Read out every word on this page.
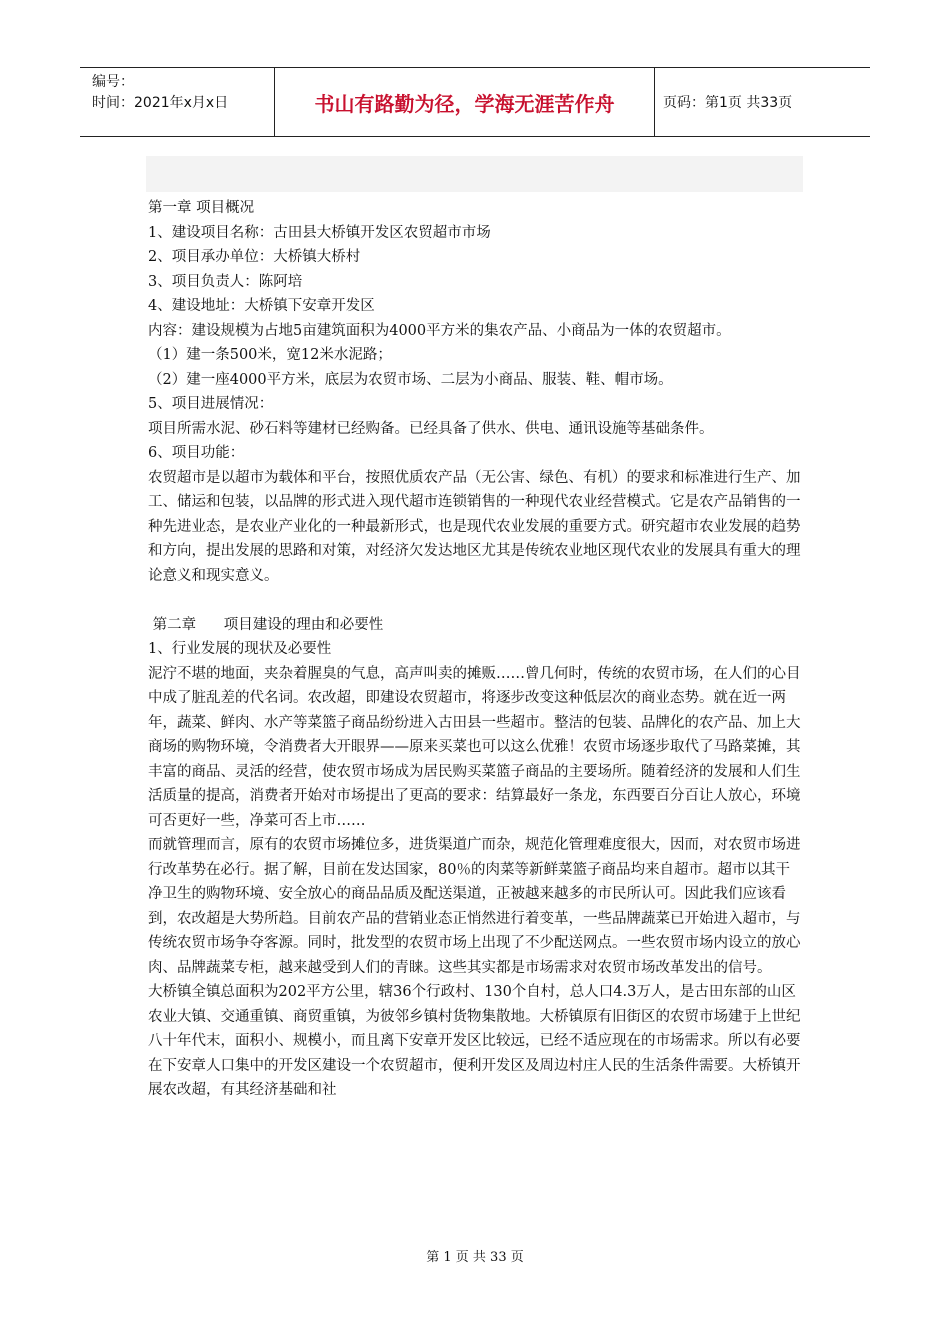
编号：
时间：2021年x月x日	书山有路勤为径，学海无涯苦作舟	页码：第1页 共33页

第一章 项目概况

1、建设项目名称：古田县大桥镇开发区农贸超市市场

2、项目承办单位：大桥镇大桥村

3、项目负责人：陈阿培

4、建设地址：大桥镇下安章开发区

内容：建设规模为占地5亩建筑面积为4000平方米的集农产品、小商品为一体的农贸超市。

（1）建一条500米，宽12米水泥路；

（2）建一座4000平方米，底层为农贸市场、二层为小商品、服装、鞋、帽市场。

5、项目进展情况：

项目所需水泥、砂石料等建材已经购备。已经具备了供水、供电、通讯设施等基础条件。

6、项目功能：

农贸超市是以超市为载体和平台，按照优质农产品（无公害、绿色、有机）的要求和标准进行生产、加工、储运和包装，以品牌的形式进入现代超市连锁销售的一种现代农业经营模式。它是农产品销售的一种先进业态，是农业产业化的一种最新形式，也是现代农业发展的重要方式。研究超市农业发展的趋势和方向，提出发展的思路和对策，对经济欠发达地区尤其是传统农业地区现代农业的发展具有重大的理论意义和现实意义。

第二章      项目建设的理由和必要性

1、行业发展的现状及必要性

泥泞不堪的地面，夹杂着腥臭的气息，高声叫卖的摊贩……曾几何时，传统的农贸市场，在人们的心目中成了脏乱差的代名词。农改超，即建设农贸超市，将逐步改变这种低层次的商业态势。就在近一两年，蔬菜、鲜肉、水产等菜篮子商品纷纷进入古田县一些超市。整洁的包装、品牌化的农产品、加上大商场的购物环境，令消费者大开眼界——原来买菜也可以这么优雅！农贸市场逐步取代了马路菜摊，其丰富的商品、灵活的经营，使农贸市场成为居民购买菜篮子商品的主要场所。随着经济的发展和人们生活质量的提高，消费者开始对市场提出了更高的要求：结算最好一条龙，东西要百分百让人放心，环境可否更好一些，净菜可否上市……

而就管理而言，原有的农贸市场摊位多，进货渠道广而杂，规范化管理难度很大，因而，对农贸市场进行改革势在必行。据了解，目前在发达国家，80％的肉菜等新鲜菜篮子商品均来自超市。超市以其干净卫生的购物环境、安全放心的商品品质及配送渠道，正被越来越多的市民所认可。因此我们应该看到，农改超是大势所趋。目前农产品的营销业态正悄然进行着变革，一些品牌蔬菜已开始进入超市，与传统农贸市场争夺客源。同时，批发型的农贸市场上出现了不少配送网点。一些农贸市场内设立的放心肉、品牌蔬菜专柜，越来越受到人们的青睐。这些其实都是市场需求对农贸市场改革发出的信号。

大桥镇全镇总面积为202平方公里，辖36个行政村、130个自村，总人口4.3万人，是古田东部的山区农业大镇、交通重镇、商贸重镇，为彼邻乡镇村货物集散地。大桥镇原有旧街区的农贸市场建于上世纪八十年代末，面积小、规模小，而且离下安章开发区比较远，已经不适应现在的市场需求。所以有必要在下安章人口集中的开发区建设一个农贸超市，便利开发区及周边村庄人民的生活条件需要。大桥镇开展农改超，有其经济基础和社

第 1 页 共 33 页
